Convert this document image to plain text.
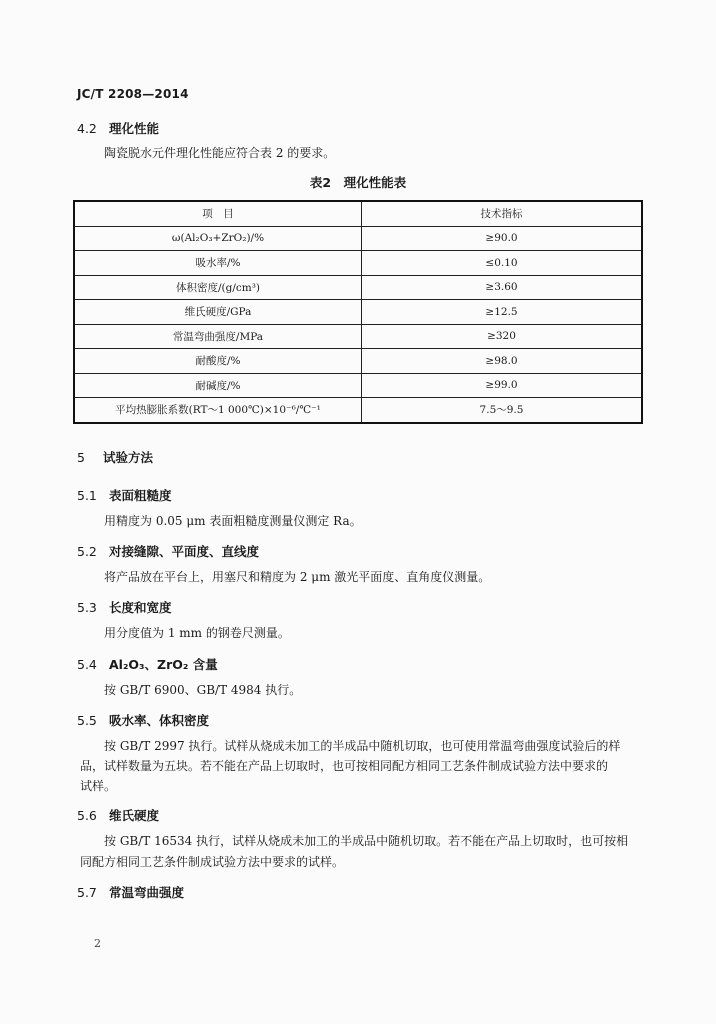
JC/T 2208—2014
4.2 理化性能
陶瓷脱水元件理化性能应符合表 2 的要求。
表2　理化性能表
项　目	技术指标
ω(Al₂O₃+ZrO₂)/%	≥90.0
吸水率/%	≤0.10
体积密度/(g/cm³)	≥3.60
维氏硬度/GPa	≥12.5
常温弯曲强度/MPa	≥320
耐酸度/%	≥98.0
耐碱度/%	≥99.0
平均热膨胀系数(RT～1 000℃)×10⁻⁶/℃⁻¹	7.5～9.5
5 试验方法
5.1 表面粗糙度
用精度为 0.05 μm 表面粗糙度测量仪测定 Ra。
5.2 对接缝隙、平面度、直线度
将产品放在平台上，用塞尺和精度为 2 μm 激光平面度、直角度仪测量。
5.3 长度和宽度
用分度值为 1 mm 的钢卷尺测量。
5.4 Al₂O₃、ZrO₂ 含量
按 GB/T 6900、GB/T 4984 执行。
5.5 吸水率、体积密度
按 GB/T 2997 执行。试样从烧成未加工的半成品中随机切取，也可使用常温弯曲强度试验后的样
品，试样数量为五块。若不能在产品上切取时，也可按相同配方相同工艺条件制成试验方法中要求的
试样。
5.6 维氏硬度
按 GB/T 16534 执行，试样从烧成未加工的半成品中随机切取。若不能在产品上切取时，也可按相
同配方相同工艺条件制成试验方法中要求的试样。
5.7 常温弯曲强度
2
